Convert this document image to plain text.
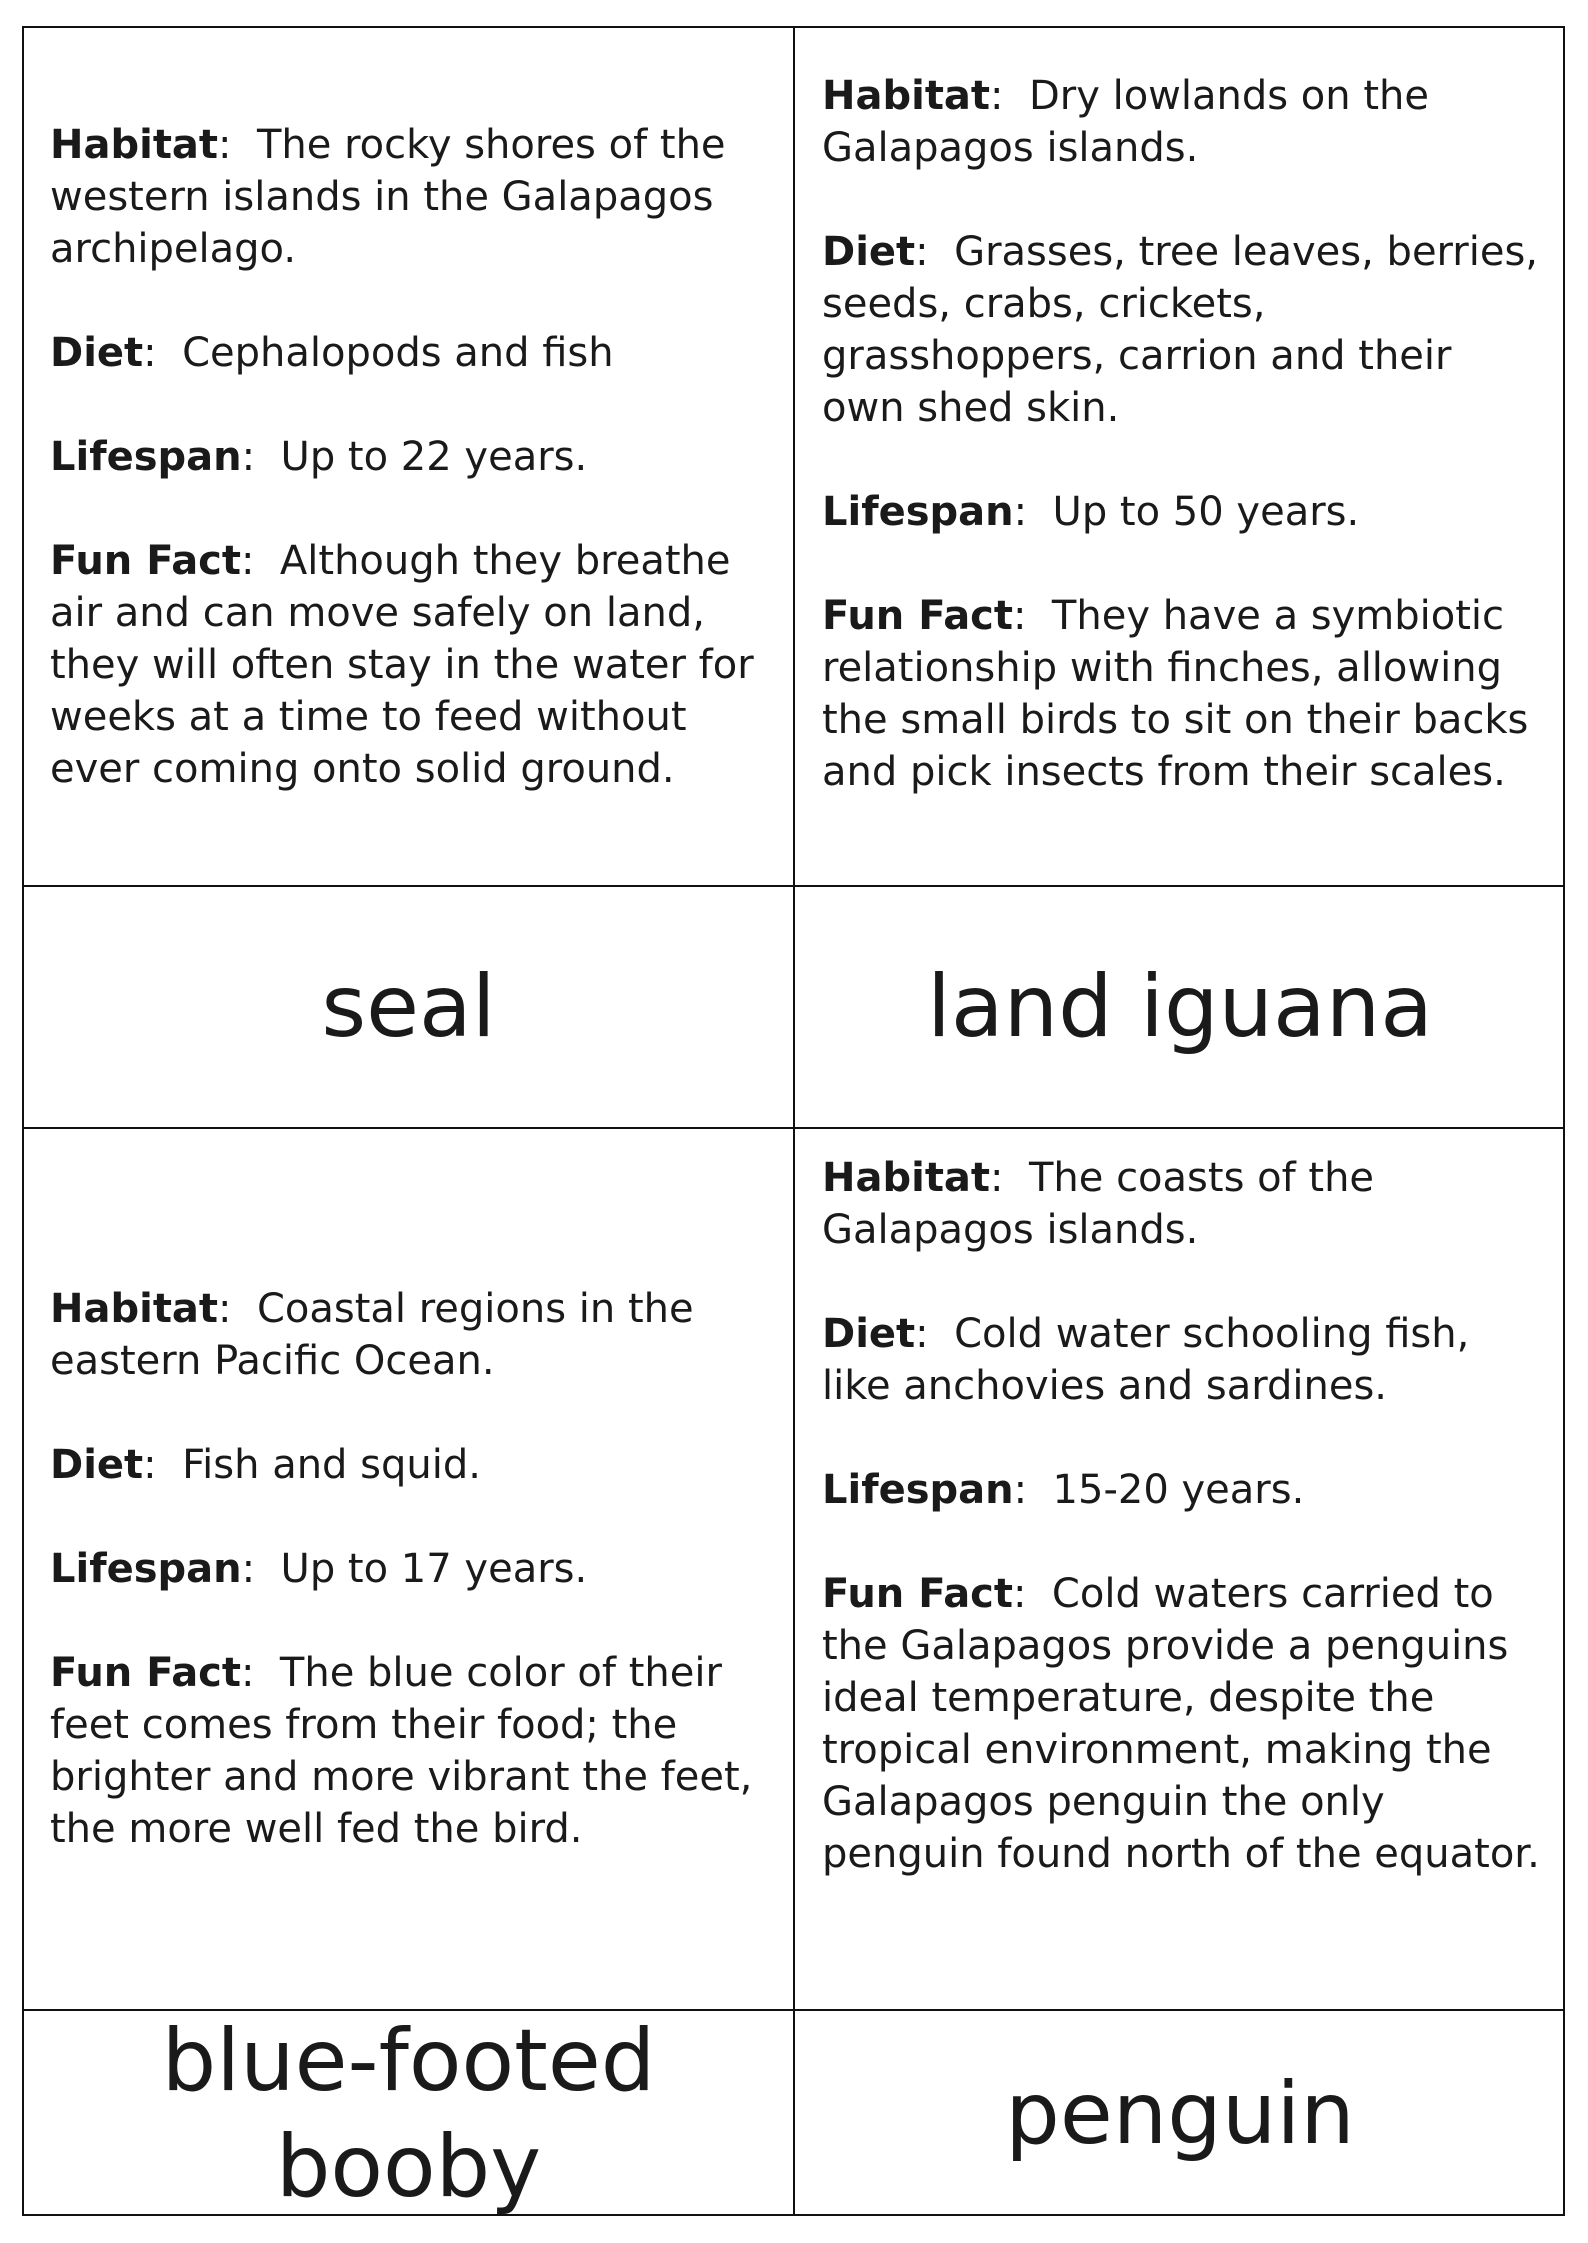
Habitat:  The rocky shores of the western islands in the Galapagos archipelago.

Diet:  Cephalopods and fish

Lifespan:  Up to 22 years.

Fun Fact:  Although they breathe air and can move safely on land, they will often stay in the water for weeks at a time to feed without ever coming onto solid ground.

Habitat:  Dry lowlands on the Galapagos islands.

Diet:  Grasses, tree leaves, berries, seeds, crabs, crickets, grasshoppers, carrion and their own shed skin.

Lifespan:  Up to 50 years.

Fun Fact:  They have a symbiotic relationship with finches, allowing the small birds to sit on their backs and pick insects from their scales.

seal	land iguana

Habitat:  Coastal regions in the eastern Pacific Ocean.

Diet:  Fish and squid.

Lifespan:  Up to 17 years.

Fun Fact:  The blue color of their feet comes from their food; the brighter and more vibrant the feet, the more well fed the bird.

Habitat:  The coasts of the Galapagos islands.

Diet:  Cold water schooling fish, like anchovies and sardines.

Lifespan:  15-20 years.

Fun Fact:  Cold waters carried to the Galapagos provide a penguins ideal temperature, despite the tropical environment, making the Galapagos penguin the only penguin found north of the equator.

blue-footed booby
penguin
